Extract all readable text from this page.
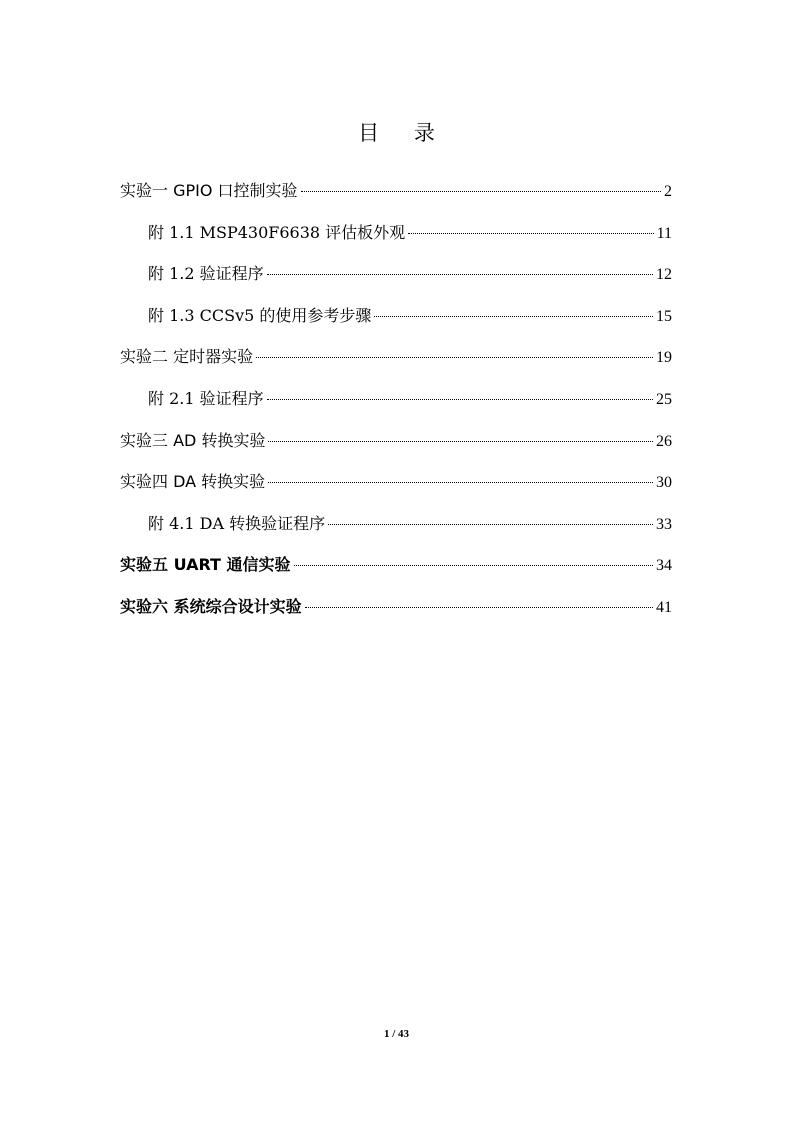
目 录
实验一 GPIO 口控制实验	2
附 1.1 MSP430F6638 评估板外观	11
附 1.2 验证程序	12
附 1.3 CCSv5 的使用参考步骤	15
实验二 定时器实验	19
附 2.1 验证程序	25
实验三 AD 转换实验	26
实验四 DA 转换实验	30
附 4.1 DA 转换验证程序	33
实验五 UART 通信实验	34
实验六 系统综合设计实验	41
1 / 43
